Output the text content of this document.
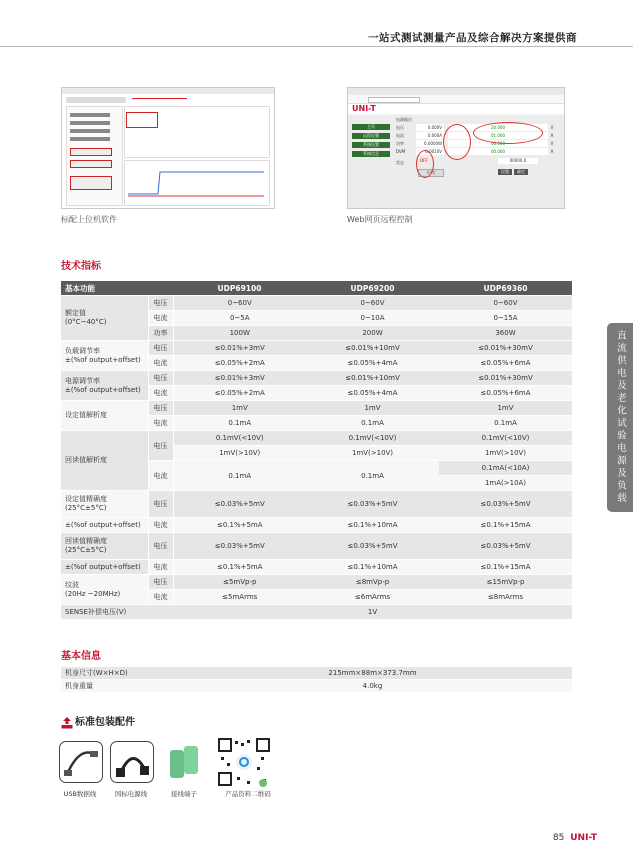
一站式测试测量产品及综合解决方案提供商
标配上位机软件
UNI-T
电源输出
主页
远程设置
系统设置
系统信息
电压	0.000V	20.000	V
电流	0.000A	01.000	A
功率	0.0000W	00.000	V
DVM	0.0010V	00.000	A
状态	OFF	00000.0
开/关	设置	确定
Web网页远程控制
技术指标
基本功能		UDP69100	UDP69200	UDP69360
额定值
(0°C~40°C)	电压	0~60V	0~60V	0~60V
	电流	0~5A	0~10A	0~15A
	功率	100W	200W	360W
负载调节率
±(%of output+offset)	电压	≤0.01%+3mV	≤0.01%+10mV	≤0.01%+30mV
	电流	≤0.05%+2mA	≤0.05%+4mA	≤0.05%+6mA
电源调节率
±(%of output+offset)	电压	≤0.01%+3mV	≤0.01%+10mV	≤0.01%+30mV
	电流	≤0.05%+2mA	≤0.05%+4mA	≤0.05%+6mA
设定值解析度	电压	1mV	1mV	1mV
	电流	0.1mA	0.1mA	0.1mA
回读值解析度	电压	0.1mV(<10V)	0.1mV(<10V)	0.1mV(<10V)
		1mV(>10V)	1mV(>10V)	1mV(>10V)
	电流	0.1mA	0.1mA	0.1mA(<10A)
				1mA(>10A)
设定值精确度
(25°C±5°C)	电压	≤0.03%+5mV	≤0.03%+5mV	≤0.03%+5mV
±(%of output+offset)	电流	≤0.1%+5mA	≤0.1%+10mA	≤0.1%+15mA
回读值精确度
(25°C±5°C)	电压	≤0.03%+5mV	≤0.03%+5mV	≤0.03%+5mV
±(%of output+offset)	电流	≤0.1%+5mA	≤0.1%+10mA	≤0.1%+15mA
纹波
(20Hz ~20MHz)	电压	≤5mVp-p	≤8mVp-p	≤15mVp-p
	电流	≤5mArms	≤6mArms	≤8mArms
SENSE补偿电压(V)		1V		
直流供电及老化试验电源及负载
基本信息
机身尺寸(W×H×D)	215mm×88m×373.7mm
机身重量	4.0kg
标准包装配件
USB数据线	国标电源线	接线端子	产品资料二维码
85 UNI-T
